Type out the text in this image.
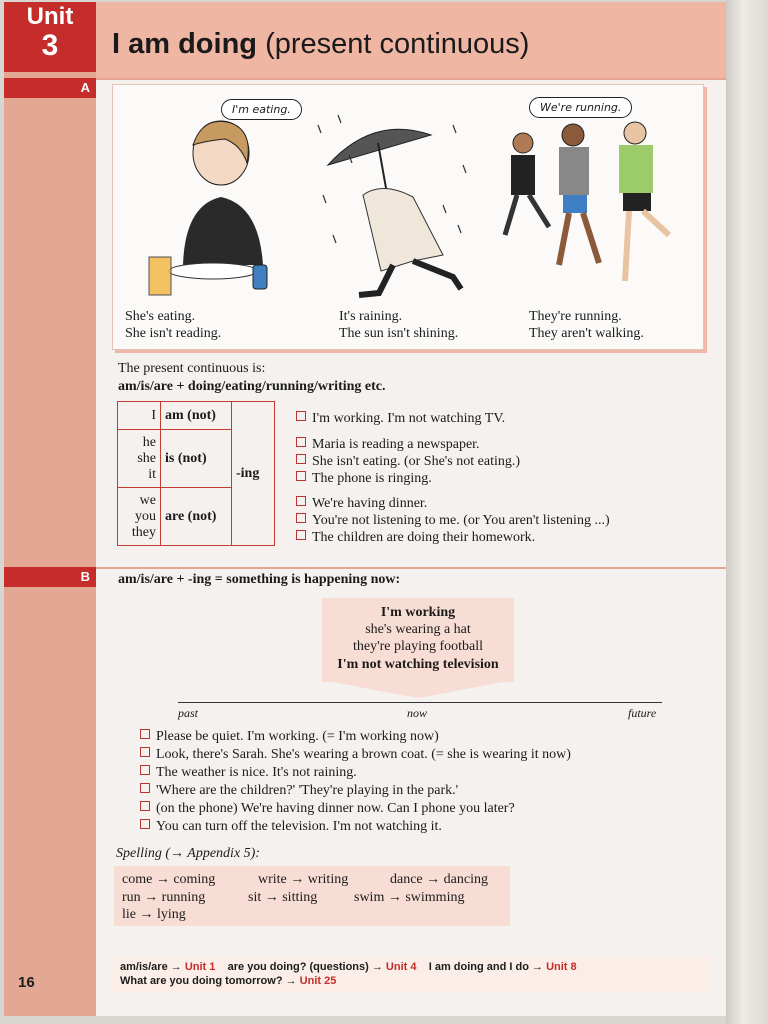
Unit
3	I am doing (present continuous)
A
I'm eating.	We're running.
She's eating.
She isn't reading.
It's raining.
The sun isn't shining.
They're running.
They aren't walking.
The present continuous is:
am/is/are + doing/eating/running/writing etc.
I	am (not)	-ing
he
she
it	is (not)	
we
you
they	are (not)	
I'm working. I'm not watching TV.
Maria is reading a newspaper.
She isn't eating. (or She's not eating.)
The phone is ringing.
We're having dinner.
You're not listening to me. (or You aren't listening ...)
The children are doing their homework.
B	am/is/are + -ing = something is happening now:
I'm working
she's wearing a hat
they're playing football
I'm not watching television
past	now	future
Please be quiet. I'm working. (= I'm working now)
Look, there's Sarah. She's wearing a brown coat. (= she is wearing it now)
The weather is nice. It's not raining.
'Where are the children?' 'They're playing in the park.'
(on the phone) We're having dinner now. Can I phone you later?
You can turn off the television. I'm not watching it.
Spelling (→ Appendix 5):
come → coming	write → writing	dance → dancing
run → running	sit → sitting	swim → swimming
lie → lying
am/is/are → Unit 1 are you doing? (questions) → Unit 4 I am doing and I do → Unit 8
What are you doing tomorrow? → Unit 25
16
